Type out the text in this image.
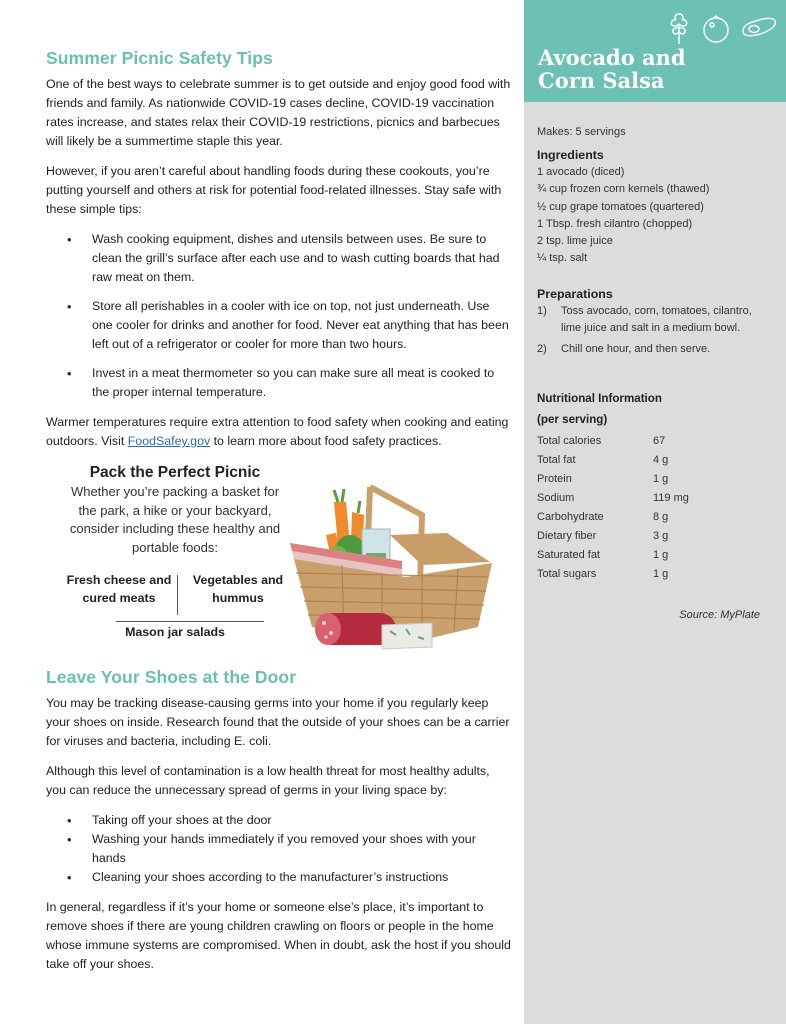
Summer Picnic Safety Tips

One of the best ways to celebrate summer is to get outside and enjoy good food with friends and family. As nationwide COVID-19 cases decline, COVID-19 vaccination rates increase, and states relax their COVID-19 restrictions, picnics and barbecues will likely be a summertime staple this year.

However, if you aren’t careful about handling foods during these cookouts, you’re putting yourself and others at risk for potential food-related illnesses. Stay safe with these simple tips:

• Wash cooking equipment, dishes and utensils between uses. Be sure to clean the grill’s surface after each use and to wash cutting boards that had raw meat on them.
• Store all perishables in a cooler with ice on top, not just underneath. Use one cooler for drinks and another for food. Never eat anything that has been left out of a refrigerator or cooler for more than two hours.
• Invest in a meat thermometer so you can make sure all meat is cooked to the proper internal temperature.

Warmer temperatures require extra attention to food safety when cooking and eating outdoors. Visit FoodSafey.gov to learn more about food safety practices.

Pack the Perfect Picnic
Whether you’re packing a basket for the park, a hike or your backyard, consider including these healthy and portable foods:
Fresh cheese and cured meats
Vegetables and hummus
Mason jar salads
Leave Your Shoes at the Door

You may be tracking disease-causing germs into your home if you regularly keep your shoes on inside. Research found that the outside of your shoes can be a carrier for viruses and bacteria, including E. coli.

Although this level of contamination is a low health threat for most healthy adults, you can reduce the unnecessary spread of germs in your living space by:

• Taking off your shoes at the door
• Washing your hands immediately if you removed your shoes with your hands
• Cleaning your shoes according to the manufacturer’s instructions

In general, regardless if it’s your home or someone else’s place, it’s important to remove shoes if there are young children crawling on floors or people in the home whose immune systems are compromised. When in doubt, ask the host if you should take off your shoes.

Avocado and
Corn Salsa
Makes: 5 servings
Ingredients
1 avocado (diced)
¾ cup frozen corn kernels (thawed)
½ cup grape tomatoes (quartered)
1 Tbsp. fresh cilantro (chopped)
2 tsp. lime juice
¼ tsp. salt
Preparations
1) Toss avocado, corn, tomatoes, cilantro, lime juice and salt in a medium bowl.
2) Chill one hour, and then serve.
Nutritional Information
(per serving)
Total calories	67
Total fat	4 g
Protein	1 g
Sodium	119 mg
Carbohydrate	8 g
Dietary fiber	3 g
Saturated fat	1 g
Total sugars	1 g
Source: MyPlate
